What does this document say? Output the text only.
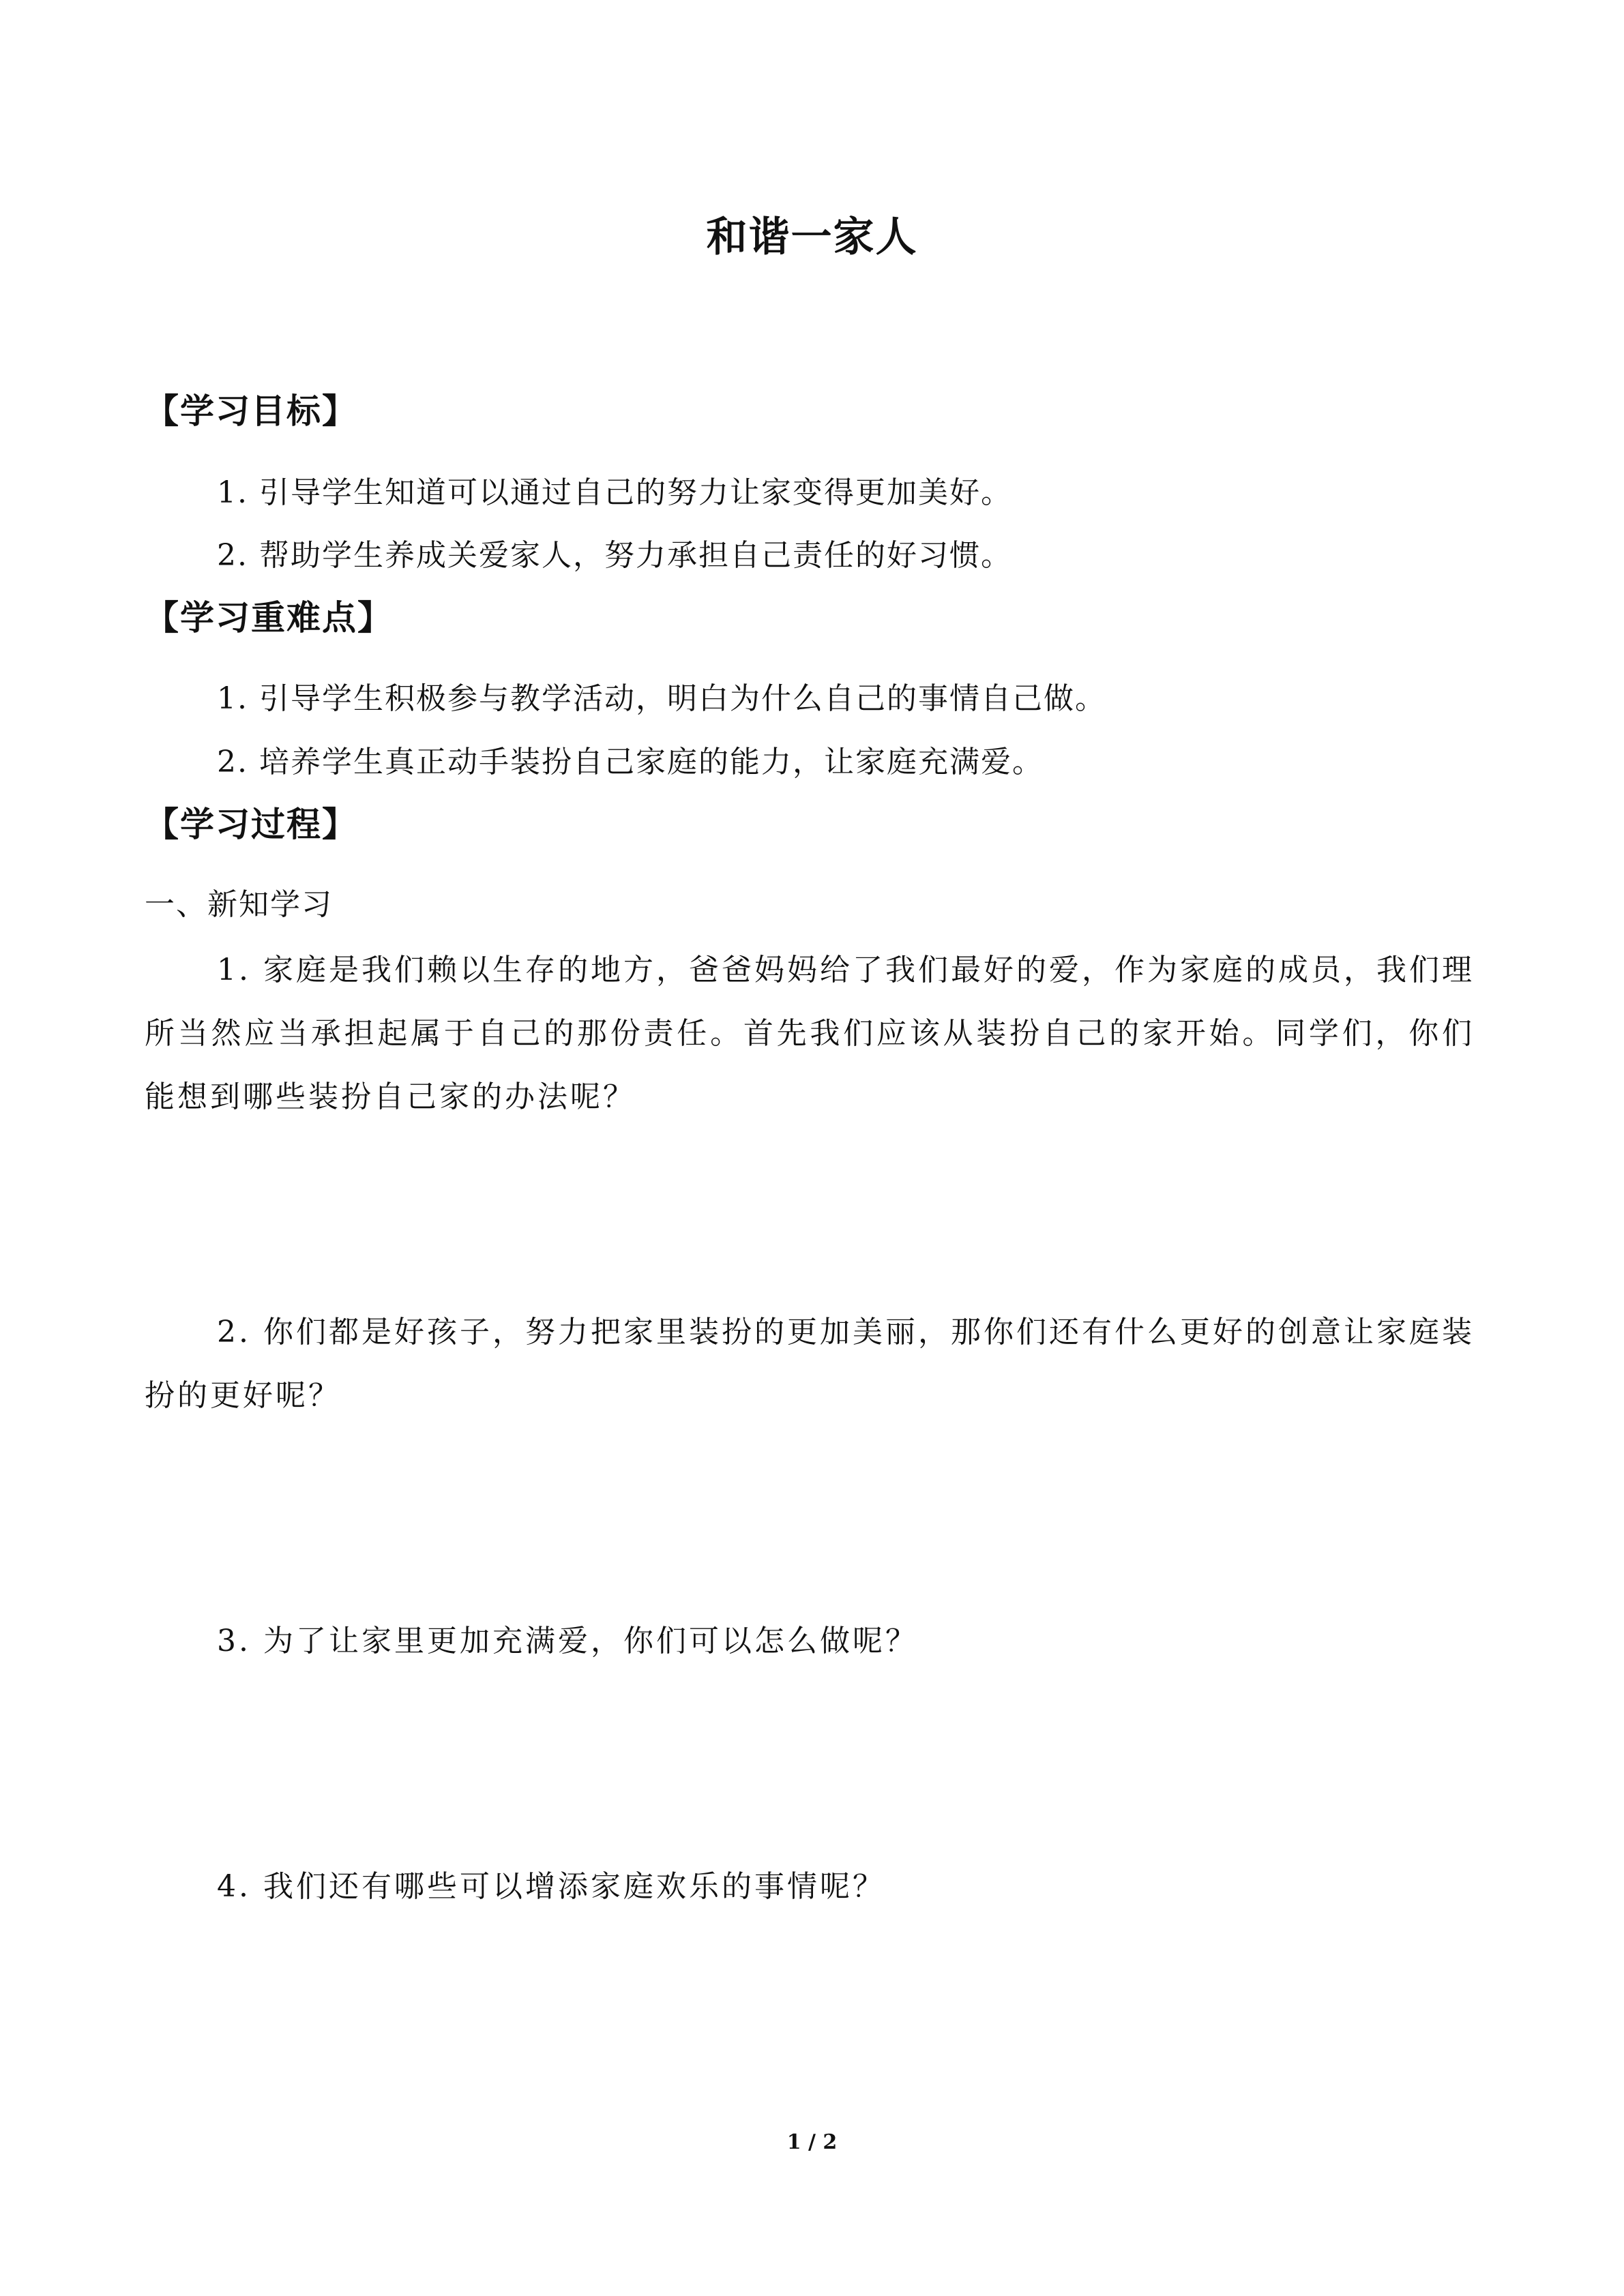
和谐一家人
【学习目标】
1. 引导学生知道可以通过自己的努力让家变得更加美好。
2. 帮助学生养成关爱家人，努力承担自己责任的好习惯。
【学习重难点】
1. 引导学生积极参与教学活动，明白为什么自己的事情自己做。
2. 培养学生真正动手装扮自己家庭的能力，让家庭充满爱。
【学习过程】
一、新知学习
1. 家庭是我们赖以生存的地方，爸爸妈妈给了我们最好的爱，作为家庭的成员，我们理所当然应当承担起属于自己的那份责任。首先我们应该从装扮自己的家开始。同学们，你们能想到哪些装扮自己家的办法呢？
2. 你们都是好孩子，努力把家里装扮的更加美丽，那你们还有什么更好的创意让家庭装扮的更好呢？
3. 为了让家里更加充满爱，你们可以怎么做呢？
4. 我们还有哪些可以增添家庭欢乐的事情呢？
1 / 2
